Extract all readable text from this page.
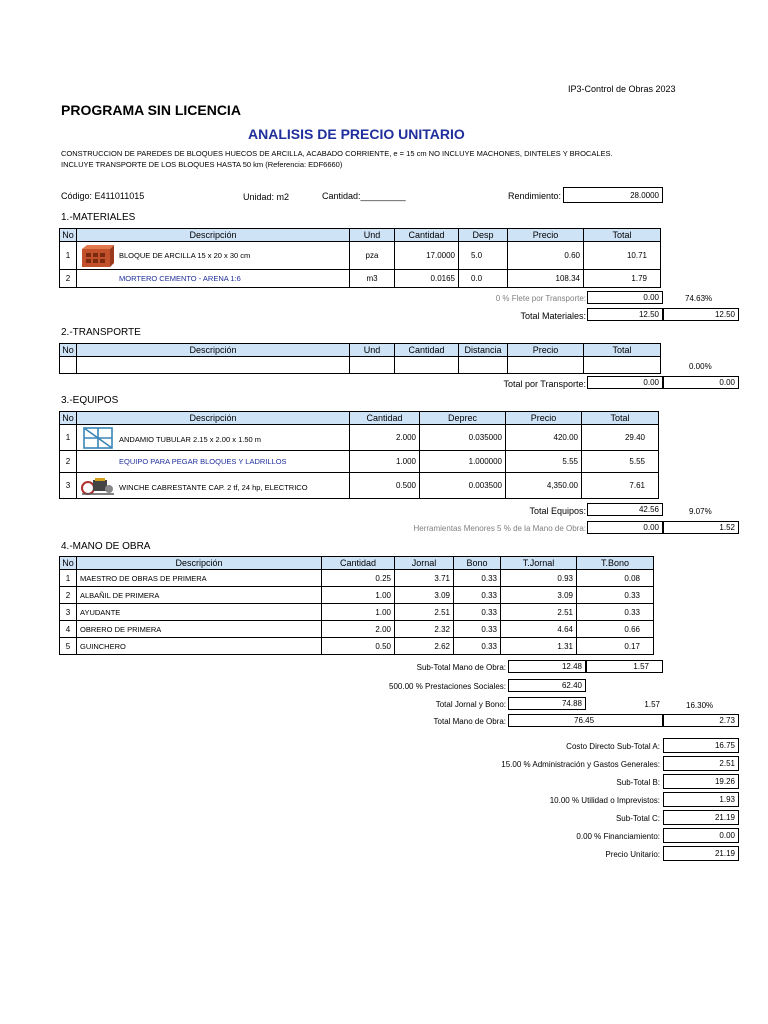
IP3-Control de Obras 2023
PROGRAMA SIN LICENCIA
ANALISIS DE PRECIO UNITARIO
CONSTRUCCION DE PAREDES DE BLOQUES HUECOS DE ARCILLA, ACABADO CORRIENTE, e = 15 cm NO INCLUYE MACHONES, DINTELES Y BROCALES.
INCLUYE TRANSPORTE DE LOS BLOQUES HASTA 50 km (Referencia: EDF6660)
Código: E411011015	Unidad: m2	Cantidad:_________	Rendimiento:	28.0000
1.-MATERIALES
No	Descripción	Und	Cantidad	Desp	Precio	Total
1	BLOQUE DE ARCILLA 15 x 20 x 30 cm	pza	17.0000	5.0	0.60	10.71
2	MORTERO CEMENTO - ARENA 1:6	m3	0.0165	0.0	108.34	1.79
0 % Flete por Transporte:	0.00	74.63%
Total Materiales:	12.50	12.50
2.-TRANSPORTE
No	Descripción	Und	Cantidad	Distancia	Precio	Total

0.00%
Total por Transporte:	0.00	0.00
3.-EQUIPOS
No	Descripción	Cantidad	Deprec	Precio	Total
1	ANDAMIO TUBULAR 2.15 x 2.00 x 1.50 m	2.000	0.035000	420.00	29.40
2	EQUIPO PARA PEGAR BLOQUES Y LADRILLOS	1.000	1.000000	5.55	5.55
3	WINCHE CABRESTANTE CAP. 2 tf, 24 hp, ELECTRICO	0.500	0.003500	4,350.00	7.61
Total Equipos:	42.56	9.07%
Herramientas Menores 5 % de la Mano de Obra:	0.00	1.52
4.-MANO DE OBRA
No	Descripción	Cantidad	Jornal	Bono	T.Jornal	T.Bono
1	MAESTRO DE OBRAS DE PRIMERA	0.25	3.71	0.33	0.93	0.08
2	ALBAÑIL DE PRIMERA	1.00	3.09	0.33	3.09	0.33
3	AYUDANTE	1.00	2.51	0.33	2.51	0.33
4	OBRERO DE PRIMERA	2.00	2.32	0.33	4.64	0.66
5	GUINCHERO	0.50	2.62	0.33	1.31	0.17
Sub-Total Mano de Obra:	12.48	1.57
500.00 % Prestaciones Sociales:	62.40
Total Jornal y Bono:	74.88	1.57	16.30%
Total Mano de Obra:	76.45	2.73
Costo Directo Sub-Total A:	16.75
15.00 % Administración y Gastos Generales:	2.51
Sub-Total B:	19.26
10.00 % Utilidad o Imprevistos:	1.93
Sub-Total C:	21.19
0.00 % Financiamiento:	0.00
Precio Unitario:	21.19
